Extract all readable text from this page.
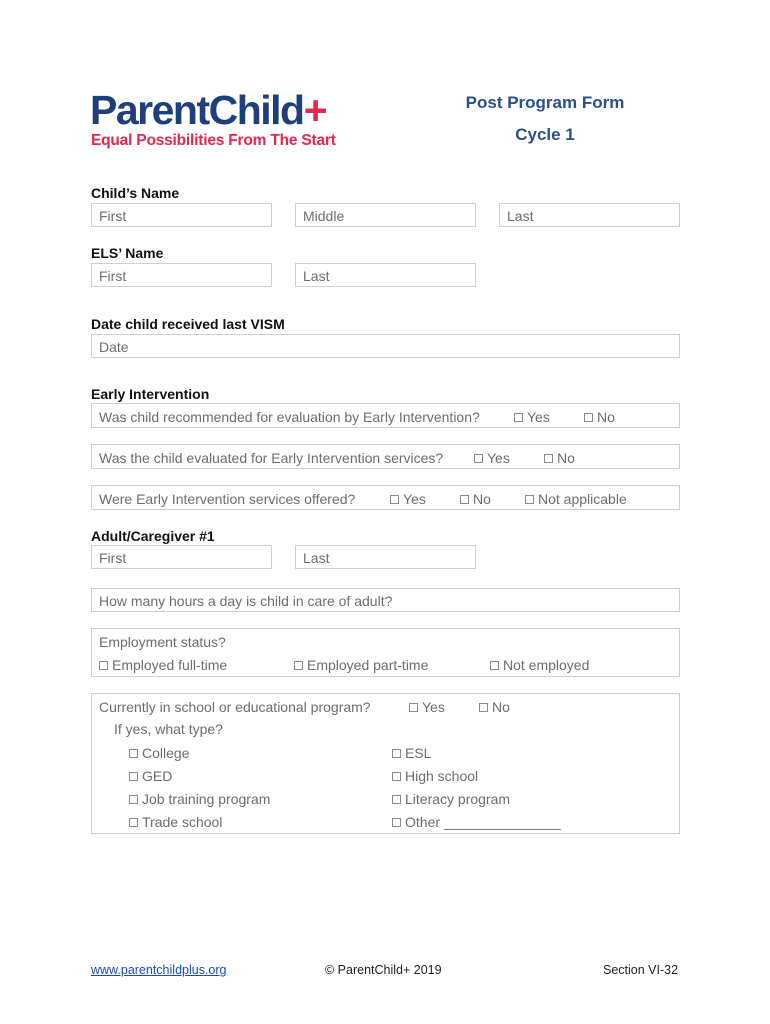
ParentChild+
Equal Possibilities From The Start
Post Program Form
Cycle 1
Child’s Name
First	Middle	Last
ELS’ Name
First	Last
Date child received last VISM
Date
Early Intervention
Was child recommended for evaluation by Early Intervention?	Yes	No
Was the child evaluated for Early Intervention services?	Yes	No
Were Early Intervention services offered?	Yes	No	Not applicable
Adult/Caregiver #1
First	Last
How many hours a day is child in care of adult?
Employment status?
Employed full-time	Employed part-time	Not employed
Currently in school or educational program?	Yes	No
If yes, what type?
College	ESL
GED	High school
Job training program	Literacy program
Trade school	Other _______________
www.parentchildplus.org	© ParentChild+ 2019	Section VI-32
